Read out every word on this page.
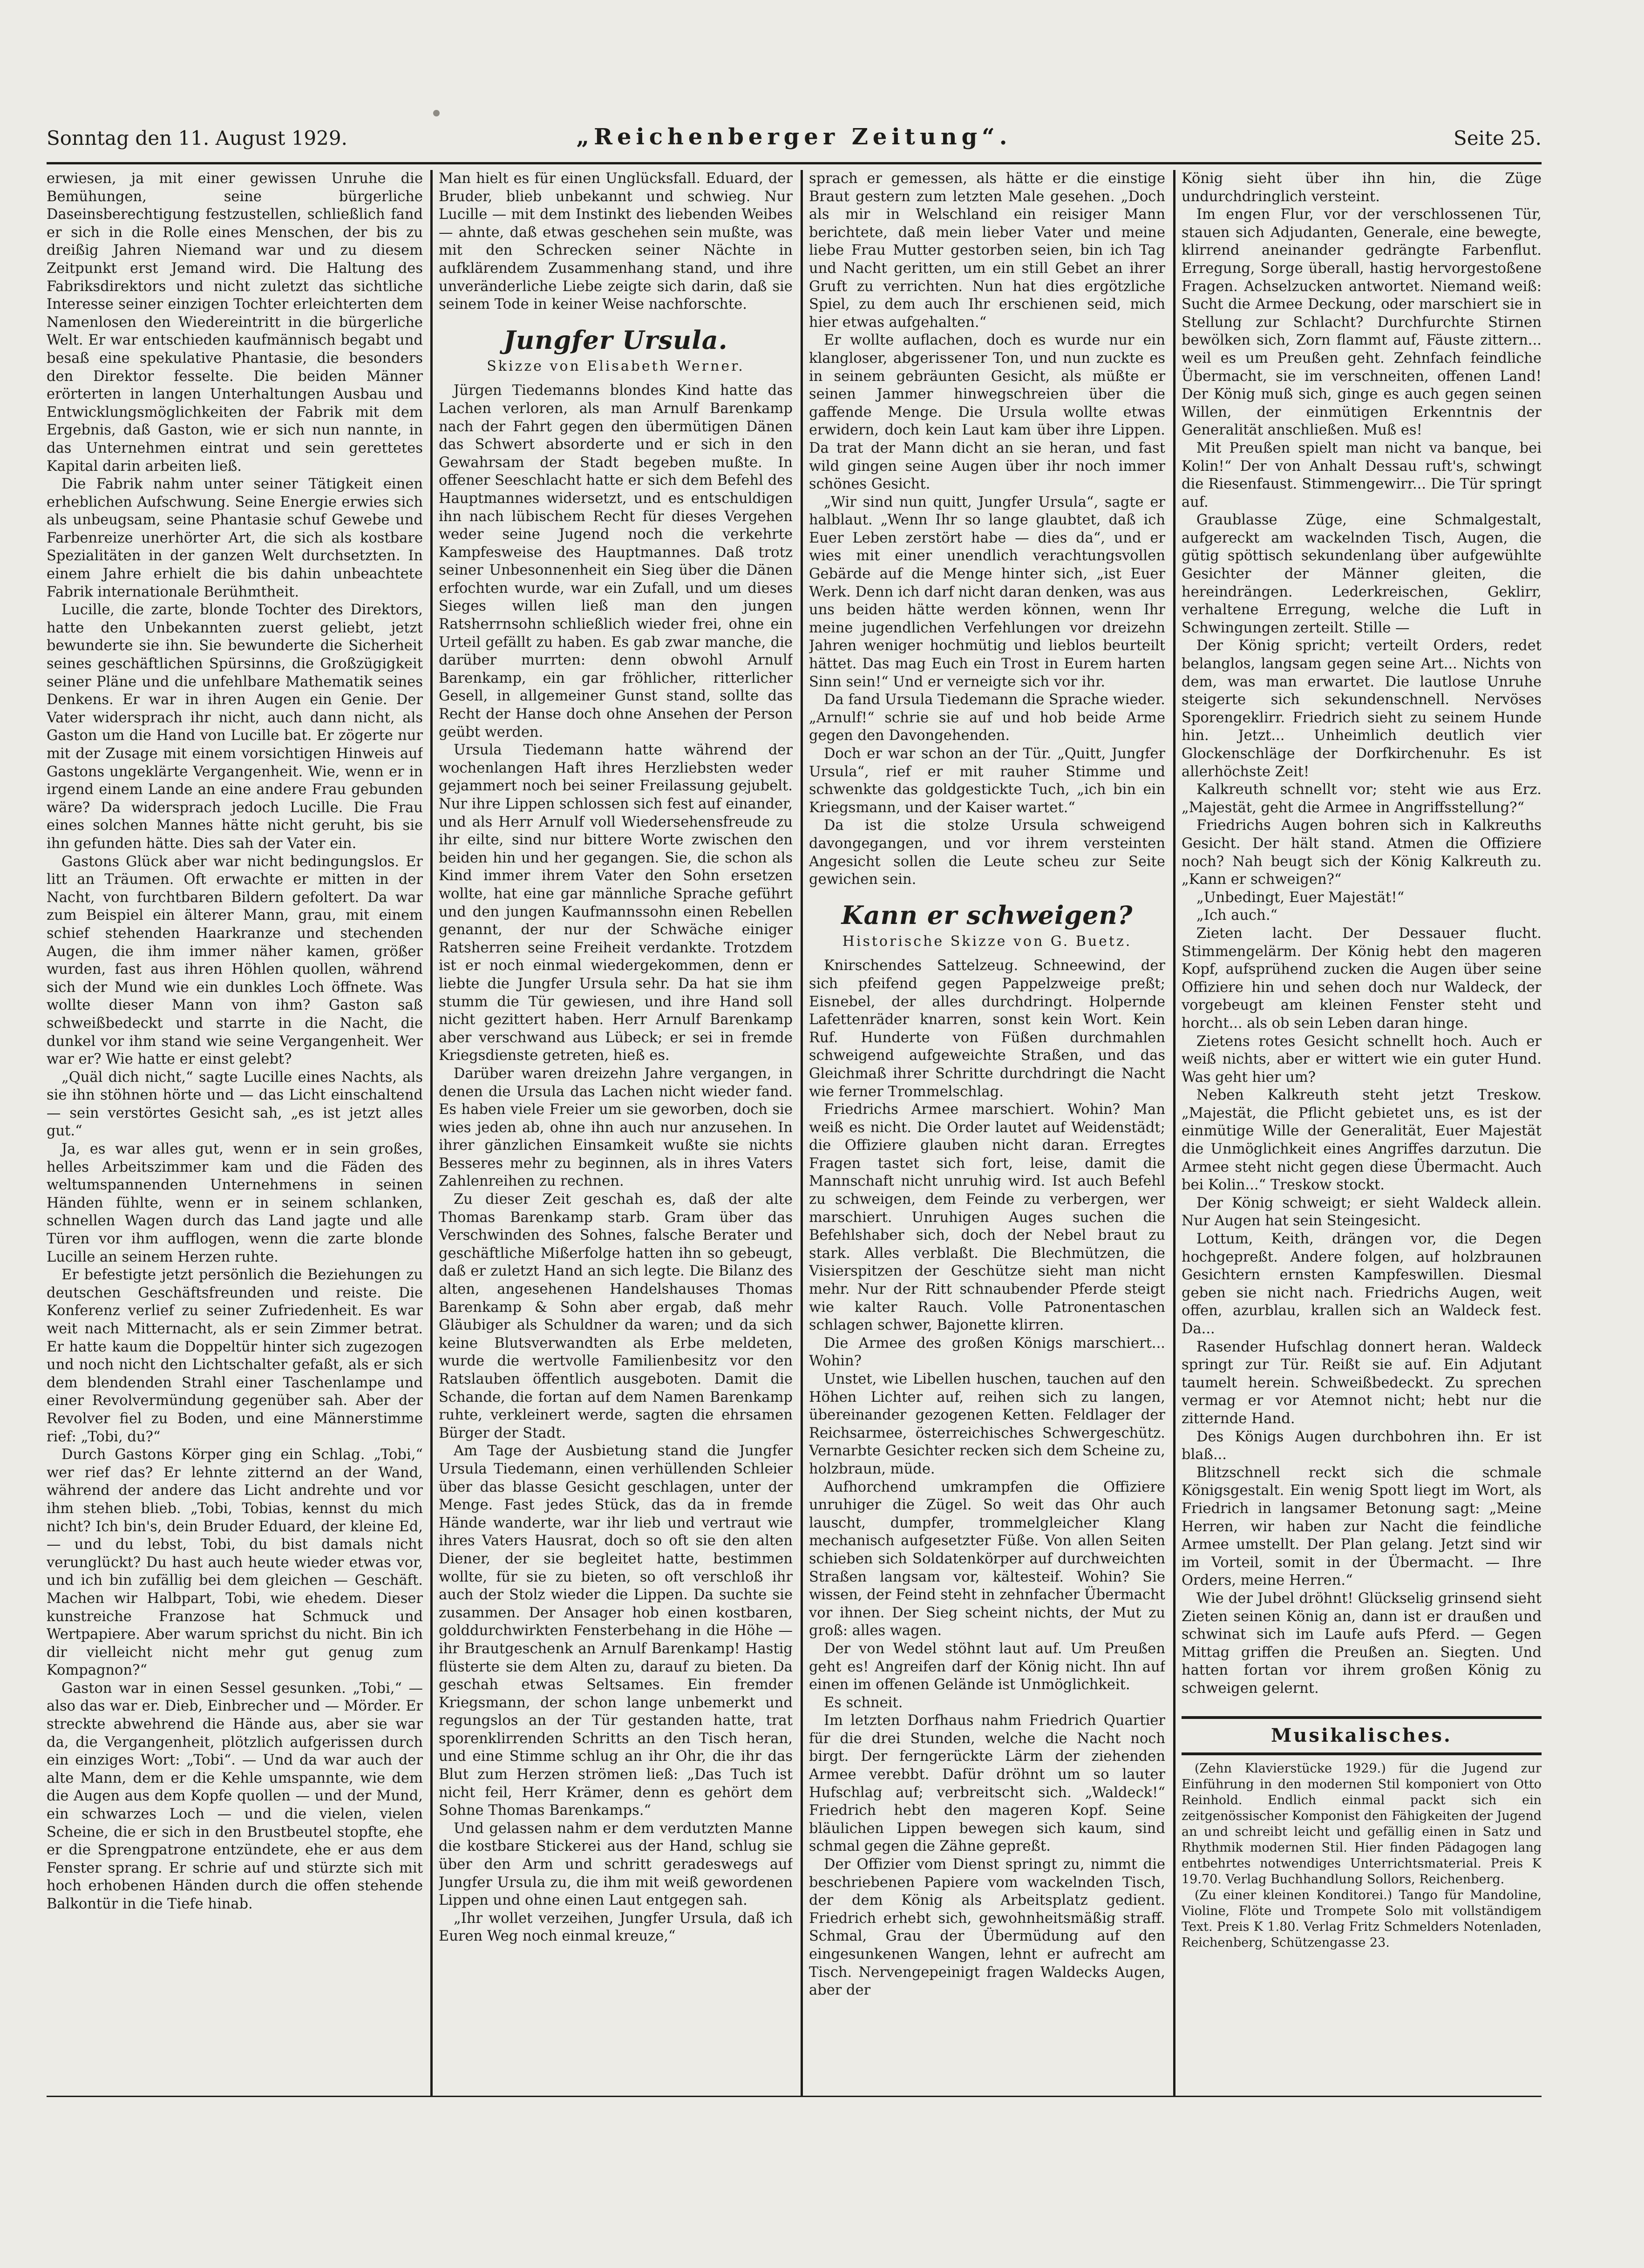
Sonntag den 11. August 1929.	„Reichenberger Zeitung“.	Seite 25.

erwiesen, ja mit einer gewissen Unruhe die Bemühungen, seine bürgerliche Daseinsberechtigung festzustellen, schließlich fand er sich in die Rolle eines Menschen, der bis zu dreißig Jahren Niemand war und zu diesem Zeitpunkt erst Jemand wird. Die Haltung des Fabriksdirektors und nicht zuletzt das sichtliche Interesse seiner einzigen Tochter erleichterten dem Namenlosen den Wiedereintritt in die bürgerliche Welt. Er war entschieden kaufmännisch begabt und besaß eine spekulative Phantasie, die besonders den Direktor fesselte. Die beiden Männer erörterten in langen Unterhaltungen Ausbau und Entwicklungsmöglichkeiten der Fabrik mit dem Ergebnis, daß Gaston, wie er sich nun nannte, in das Unternehmen eintrat und sein gerettetes Kapital darin arbeiten ließ.

Die Fabrik nahm unter seiner Tätigkeit einen erheblichen Aufschwung. Seine Energie erwies sich als unbeugsam, seine Phantasie schuf Gewebe und Farbenreize unerhörter Art, die sich als kostbare Spezialitäten in der ganzen Welt durchsetzten. In einem Jahre erhielt die bis dahin unbeachtete Fabrik internationale Berühmtheit.

Lucille, die zarte, blonde Tochter des Direktors, hatte den Unbekannten zuerst geliebt, jetzt bewunderte sie ihn. Sie bewunderte die Sicherheit seines geschäftlichen Spürsinns, die Großzügigkeit seiner Pläne und die unfehlbare Mathematik seines Denkens. Er war in ihren Augen ein Genie. Der Vater widersprach ihr nicht, auch dann nicht, als Gaston um die Hand von Lucille bat. Er zögerte nur mit der Zusage mit einem vorsichtigen Hinweis auf Gastons ungeklärte Vergangenheit. Wie, wenn er in irgend einem Lande an eine andere Frau gebunden wäre? Da widersprach jedoch Lucille. Die Frau eines solchen Mannes hätte nicht geruht, bis sie ihn gefunden hätte. Dies sah der Vater ein.

Gastons Glück aber war nicht bedingungslos. Er litt an Träumen. Oft erwachte er mitten in der Nacht, von furchtbaren Bildern gefoltert. Da war zum Beispiel ein älterer Mann, grau, mit einem schief stehenden Haarkranze und stechenden Augen, die ihm immer näher kamen, größer wurden, fast aus ihren Höhlen quollen, während sich der Mund wie ein dunkles Loch öffnete. Was wollte dieser Mann von ihm? Gaston saß schweißbedeckt und starrte in die Nacht, die dunkel vor ihm stand wie seine Vergangenheit. Wer war er? Wie hatte er einst gelebt?

„Quäl dich nicht,“ sagte Lucille eines Nachts, als sie ihn stöhnen hörte und — das Licht einschaltend — sein verstörtes Gesicht sah, „es ist jetzt alles gut.“

Ja, es war alles gut, wenn er in sein großes, helles Arbeitszimmer kam und die Fäden des weltumspannenden Unternehmens in seinen Händen fühlte, wenn er in seinem schlanken, schnellen Wagen durch das Land jagte und alle Türen vor ihm aufflogen, wenn die zarte blonde Lucille an seinem Herzen ruhte.

Er befestigte jetzt persönlich die Beziehungen zu deutschen Geschäftsfreunden und reiste. Die Konferenz verlief zu seiner Zufriedenheit. Es war weit nach Mitternacht, als er sein Zimmer betrat. Er hatte kaum die Doppeltür hinter sich zugezogen und noch nicht den Lichtschalter gefaßt, als er sich dem blendenden Strahl einer Taschenlampe und einer Revolvermündung gegenüber sah. Aber der Revolver fiel zu Boden, und eine Männerstimme rief: „Tobi, du?“

Durch Gastons Körper ging ein Schlag. „Tobi,“ wer rief das? Er lehnte zitternd an der Wand, während der andere das Licht andrehte und vor ihm stehen blieb. „Tobi, Tobias, kennst du mich nicht? Ich bin's, dein Bruder Eduard, der kleine Ed, — und du lebst, Tobi, du bist damals nicht verunglückt? Du hast auch heute wieder etwas vor, und ich bin zufällig bei dem gleichen — Geschäft. Machen wir Halbpart, Tobi, wie ehedem. Dieser kunstreiche Franzose hat Schmuck und Wertpapiere. Aber warum sprichst du nicht. Bin ich dir vielleicht nicht mehr gut genug zum Kompagnon?“

Gaston war in einen Sessel gesunken. „Tobi,“ — also das war er. Dieb, Einbrecher und — Mörder. Er streckte abwehrend die Hände aus, aber sie war da, die Vergangenheit, plötzlich aufgerissen durch ein einziges Wort: „Tobi“. — Und da war auch der alte Mann, dem er die Kehle umspannte, wie dem die Augen aus dem Kopfe quollen — und der Mund, ein schwarzes Loch — und die vielen, vielen Scheine, die er sich in den Brustbeutel stopfte, ehe er die Sprengpatrone entzündete, ehe er aus dem Fenster sprang. Er schrie auf und stürzte sich mit hoch erhobenen Händen durch die offen stehende Balkontür in die Tiefe hinab.

Man hielt es für einen Unglücksfall. Eduard, der Bruder, blieb unbekannt und schwieg. Nur Lucille — mit dem Instinkt des liebenden Weibes — ahnte, daß etwas geschehen sein mußte, was mit den Schrecken seiner Nächte in aufklärendem Zusammenhang stand, und ihre unveränderliche Liebe zeigte sich darin, daß sie seinem Tode in keiner Weise nachforschte.

Jungfer Ursula.
Skizze von Elisabeth Werner.

Jürgen Tiedemanns blondes Kind hatte das Lachen verloren, als man Arnulf Barenkamp nach der Fahrt gegen den übermütigen Dänen das Schwert absorderte und er sich in den Gewahrsam der Stadt begeben mußte. In offener Seeschlacht hatte er sich dem Befehl des Hauptmannes widersetzt, und es entschuldigen ihn nach lübischem Recht für dieses Vergehen weder seine Jugend noch die verkehrte Kampfesweise des Hauptmannes. Daß trotz seiner Unbesonnenheit ein Sieg über die Dänen erfochten wurde, war ein Zufall, und um dieses Sieges willen ließ man den jungen Ratsherrnsohn schließlich wieder frei, ohne ein Urteil gefällt zu haben. Es gab zwar manche, die darüber murrten: denn obwohl Arnulf Barenkamp, ein gar fröhlicher, ritterlicher Gesell, in allgemeiner Gunst stand, sollte das Recht der Hanse doch ohne Ansehen der Person geübt werden.

Ursula Tiedemann hatte während der wochenlangen Haft ihres Herzliebsten weder gejammert noch bei seiner Freilassung gejubelt. Nur ihre Lippen schlossen sich fest auf einander, und als Herr Arnulf voll Wiedersehensfreude zu ihr eilte, sind nur bittere Worte zwischen den beiden hin und her gegangen. Sie, die schon als Kind immer ihrem Vater den Sohn ersetzen wollte, hat eine gar männliche Sprache geführt und den jungen Kaufmannssohn einen Rebellen genannt, der nur der Schwäche einiger Ratsherren seine Freiheit verdankte. Trotzdem ist er noch einmal wiedergekommen, denn er liebte die Jungfer Ursula sehr. Da hat sie ihm stumm die Tür gewiesen, und ihre Hand soll nicht gezittert haben. Herr Arnulf Barenkamp aber verschwand aus Lübeck; er sei in fremde Kriegsdienste getreten, hieß es.

Darüber waren dreizehn Jahre vergangen, in denen die Ursula das Lachen nicht wieder fand. Es haben viele Freier um sie geworben, doch sie wies jeden ab, ohne ihn auch nur anzusehen. In ihrer gänzlichen Einsamkeit wußte sie nichts Besseres mehr zu beginnen, als in ihres Vaters Zahlenreihen zu rechnen.

Zu dieser Zeit geschah es, daß der alte Thomas Barenkamp starb. Gram über das Verschwinden des Sohnes, falsche Berater und geschäftliche Mißerfolge hatten ihn so gebeugt, daß er zuletzt Hand an sich legte. Die Bilanz des alten, angesehenen Handelshauses Thomas Barenkamp & Sohn aber ergab, daß mehr Gläubiger als Schuldner da waren; und da sich keine Blutsverwandten als Erbe meldeten, wurde die wertvolle Familienbesitz vor den Ratslauben öffentlich ausgeboten. Damit die Schande, die fortan auf dem Namen Barenkamp ruhte, verkleinert werde, sagten die ehrsamen Bürger der Stadt.

Am Tage der Ausbietung stand die Jungfer Ursula Tiedemann, einen verhüllenden Schleier über das blasse Gesicht geschlagen, unter der Menge. Fast jedes Stück, das da in fremde Hände wanderte, war ihr lieb und vertraut wie ihres Vaters Hausrat, doch so oft sie den alten Diener, der sie begleitet hatte, bestimmen wollte, für sie zu bieten, so oft verschloß ihr auch der Stolz wieder die Lippen. Da suchte sie zusammen. Der Ansager hob einen kostbaren, golddurchwirkten Fensterbehang in die Höhe — ihr Brautgeschenk an Arnulf Barenkamp! Hastig flüsterte sie dem Alten zu, darauf zu bieten. Da geschah etwas Seltsames. Ein fremder Kriegsmann, der schon lange unbemerkt und regungslos an der Tür gestanden hatte, trat sporenklirrenden Schritts an den Tisch heran, und eine Stimme schlug an ihr Ohr, die ihr das Blut zum Herzen strömen ließ: „Das Tuch ist nicht feil, Herr Krämer, denn es gehört dem Sohne Thomas Barenkamps.“

Und gelassen nahm er dem verdutzten Manne die kostbare Stickerei aus der Hand, schlug sie über den Arm und schritt geradeswegs auf Jungfer Ursula zu, die ihm mit weiß gewordenen Lippen und ohne einen Laut entgegen sah.

„Ihr wollet verzeihen, Jungfer Ursula, daß ich Euren Weg noch einmal kreuze,“

sprach er gemessen, als hätte er die einstige Braut gestern zum letzten Male gesehen. „Doch als mir in Welschland ein reisiger Mann berichtete, daß mein lieber Vater und meine liebe Frau Mutter gestorben seien, bin ich Tag und Nacht geritten, um ein still Gebet an ihrer Gruft zu verrichten. Nun hat dies ergötzliche Spiel, zu dem auch Ihr erschienen seid, mich hier etwas aufgehalten.“

Er wollte auflachen, doch es wurde nur ein klangloser, abgerissener Ton, und nun zuckte es in seinem gebräunten Gesicht, als müßte er seinen Jammer hinwegschreien über die gaffende Menge. Die Ursula wollte etwas erwidern, doch kein Laut kam über ihre Lippen. Da trat der Mann dicht an sie heran, und fast wild gingen seine Augen über ihr noch immer schönes Gesicht.

„Wir sind nun quitt, Jungfer Ursula“, sagte er halblaut. „Wenn Ihr so lange glaubtet, daß ich Euer Leben zerstört habe — dies da“, und er wies mit einer unendlich verachtungsvollen Gebärde auf die Menge hinter sich, „ist Euer Werk. Denn ich darf nicht daran denken, was aus uns beiden hätte werden können, wenn Ihr meine jugendlichen Verfehlungen vor dreizehn Jahren weniger hochmütig und lieblos beurteilt hättet. Das mag Euch ein Trost in Eurem harten Sinn sein!“ Und er verneigte sich vor ihr.

Da fand Ursula Tiedemann die Sprache wieder. „Arnulf!“ schrie sie auf und hob beide Arme gegen den Davongehenden.

Doch er war schon an der Tür. „Quitt, Jungfer Ursula“, rief er mit rauher Stimme und schwenkte das goldgestickte Tuch, „ich bin ein Kriegsmann, und der Kaiser wartet.“

Da ist die stolze Ursula schweigend davongegangen, und vor ihrem versteinten Angesicht sollen die Leute scheu zur Seite gewichen sein.

Kann er schweigen?
Historische Skizze von G. Buetz.

Knirschendes Sattelzeug. Schneewind, der sich pfeifend gegen Pappelzweige preßt; Eisnebel, der alles durchdringt. Holpernde Lafettenräder knarren, sonst kein Wort. Kein Ruf. Hunderte von Füßen durchmahlen schweigend aufgeweichte Straßen, und das Gleichmaß ihrer Schritte durchdringt die Nacht wie ferner Trommelschlag.

Friedrichs Armee marschiert. Wohin? Man weiß es nicht. Die Order lautet auf Weidenstädt; die Offiziere glauben nicht daran. Erregtes Fragen tastet sich fort, leise, damit die Mannschaft nicht unruhig wird. Ist auch Befehl zu schweigen, dem Feinde zu verbergen, wer marschiert. Unruhigen Auges suchen die Befehlshaber sich, doch der Nebel braut zu stark. Alles verblaßt. Die Blechmützen, die Visierspitzen der Geschütze sieht man nicht mehr. Nur der Ritt schnaubender Pferde steigt wie kalter Rauch. Volle Patronentaschen schlagen schwer, Bajonette klirren.

Die Armee des großen Königs marschiert... Wohin?

Unstet, wie Libellen huschen, tauchen auf den Höhen Lichter auf, reihen sich zu langen, übereinander gezogenen Ketten. Feldlager der Reichsarmee, österreichisches Schwergeschütz. Vernarbte Gesichter recken sich dem Scheine zu, holzbraun, müde.

Aufhorchend umkrampfen die Offiziere unruhiger die Zügel. So weit das Ohr auch lauscht, dumpfer, trommelgleicher Klang mechanisch aufgesetzter Füße. Von allen Seiten schieben sich Soldatenkörper auf durchweichten Straßen langsam vor, kältesteif. Wohin? Sie wissen, der Feind steht in zehnfacher Übermacht vor ihnen. Der Sieg scheint nichts, der Mut zu groß: alles wagen.

Der von Wedel stöhnt laut auf. Um Preußen geht es! Angreifen darf der König nicht. Ihn auf einen im offenen Gelände ist Unmöglichkeit.

Es schneit.

Im letzten Dorfhaus nahm Friedrich Quartier für die drei Stunden, welche die Nacht noch birgt. Der ferngerückte Lärm der ziehenden Armee verebbt. Dafür dröhnt um so lauter Hufschlag auf; verbreitscht sich. „Waldeck!“ Friedrich hebt den mageren Kopf. Seine bläulichen Lippen bewegen sich kaum, sind schmal gegen die Zähne gepreßt.

Der Offizier vom Dienst springt zu, nimmt die beschriebenen Papiere vom wackelnden Tisch, der dem König als Arbeitsplatz gedient. Friedrich erhebt sich, gewohnheitsmäßig straff. Schmal, Grau der Übermüdung auf den eingesunkenen Wangen, lehnt er aufrecht am Tisch. Nervengepeinigt fragen Waldecks Augen, aber der

König sieht über ihn hin, die Züge undurchdringlich versteint.

Im engen Flur, vor der verschlossenen Tür, stauen sich Adjudanten, Generale, eine bewegte, klirrend aneinander gedrängte Farbenflut. Erregung, Sorge überall, hastig hervorgestoßene Fragen. Achselzucken antwortet. Niemand weiß: Sucht die Armee Deckung, oder marschiert sie in Stellung zur Schlacht? Durchfurchte Stirnen bewölken sich, Zorn flammt auf, Fäuste zittern... weil es um Preußen geht. Zehnfach feindliche Übermacht, sie im verschneiten, offenen Land! Der König muß sich, ginge es auch gegen seinen Willen, der einmütigen Erkenntnis der Generalität anschließen. Muß es!

Mit Preußen spielt man nicht va banque, bei Kolin!“ Der von Anhalt Dessau ruft's, schwingt die Riesenfaust. Stimmengewirr... Die Tür springt auf.

Graublasse Züge, eine Schmalgestalt, aufgereckt am wackelnden Tisch, Augen, die gütig spöttisch sekundenlang über aufgewühlte Gesichter der Männer gleiten, die hereindrängen. Lederkreischen, Geklirr, verhaltene Erregung, welche die Luft in Schwingungen zerteilt. Stille —

Der König spricht; verteilt Orders, redet belanglos, langsam gegen seine Art... Nichts von dem, was man erwartet. Die lautlose Unruhe steigerte sich sekundenschnell. Nervöses Sporengeklirr. Friedrich sieht zu seinem Hunde hin. Jetzt... Unheimlich deutlich vier Glockenschläge der Dorfkirchenuhr. Es ist allerhöchste Zeit!

Kalkreuth schnellt vor; steht wie aus Erz. „Majestät, geht die Armee in Angriffsstellung?“

Friedrichs Augen bohren sich in Kalkreuths Gesicht. Der hält stand. Atmen die Offiziere noch? Nah beugt sich der König Kalkreuth zu. „Kann er schweigen?“

„Unbedingt, Euer Majestät!“

„Ich auch.“

Zieten lacht. Der Dessauer flucht. Stimmengelärm. Der König hebt den mageren Kopf, aufsprühend zucken die Augen über seine Offiziere hin und sehen doch nur Waldeck, der vorgebeugt am kleinen Fenster steht und horcht... als ob sein Leben daran hinge.

Zietens rotes Gesicht schnellt hoch. Auch er weiß nichts, aber er wittert wie ein guter Hund. Was geht hier um?

Neben Kalkreuth steht jetzt Treskow. „Majestät, die Pflicht gebietet uns, es ist der einmütige Wille der Generalität, Euer Majestät die Unmöglichkeit eines Angriffes darzutun. Die Armee steht nicht gegen diese Übermacht. Auch bei Kolin...“ Treskow stockt.

Der König schweigt; er sieht Waldeck allein. Nur Augen hat sein Steingesicht.

Lottum, Keith, drängen vor, die Degen hochgepreßt. Andere folgen, auf holzbraunen Gesichtern ernsten Kampfeswillen. Diesmal geben sie nicht nach. Friedrichs Augen, weit offen, azurblau, krallen sich an Waldeck fest. Da...

Rasender Hufschlag donnert heran. Waldeck springt zur Tür. Reißt sie auf. Ein Adjutant taumelt herein. Schweißbedeckt. Zu sprechen vermag er vor Atemnot nicht; hebt nur die zitternde Hand.

Des Königs Augen durchbohren ihn. Er ist blaß...

Blitzschnell reckt sich die schmale Königsgestalt. Ein wenig Spott liegt im Wort, als Friedrich in langsamer Betonung sagt: „Meine Herren, wir haben zur Nacht die feindliche Armee umstellt. Der Plan gelang. Jetzt sind wir im Vorteil, somit in der Übermacht. — Ihre Orders, meine Herren.“

Wie der Jubel dröhnt! Glückselig grinsend sieht Zieten seinen König an, dann ist er draußen und schwinat sich im Laufe aufs Pferd. — Gegen Mittag griffen die Preußen an. Siegten. Und hatten fortan vor ihrem großen König zu schweigen gelernt.

Musikalisches.

(Zehn Klavierstücke 1929.) für die Jugend zur Einführung in den modernen Stil komponiert von Otto Reinhold. Endlich einmal packt sich ein zeitgenössischer Komponist den Fähigkeiten der Jugend an und schreibt leicht und gefällig einen in Satz und Rhythmik modernen Stil. Hier finden Pädagogen lang entbehrtes notwendiges Unterrichtsmaterial. Preis K 19.70. Verlag Buchhandlung Sollors, Reichenberg.

(Zu einer kleinen Konditorei.) Tango für Mandoline, Violine, Flöte und Trompete Solo mit vollständigem Text. Preis K 1.80. Verlag Fritz Schmelders Notenladen, Reichenberg, Schützengasse 23.
